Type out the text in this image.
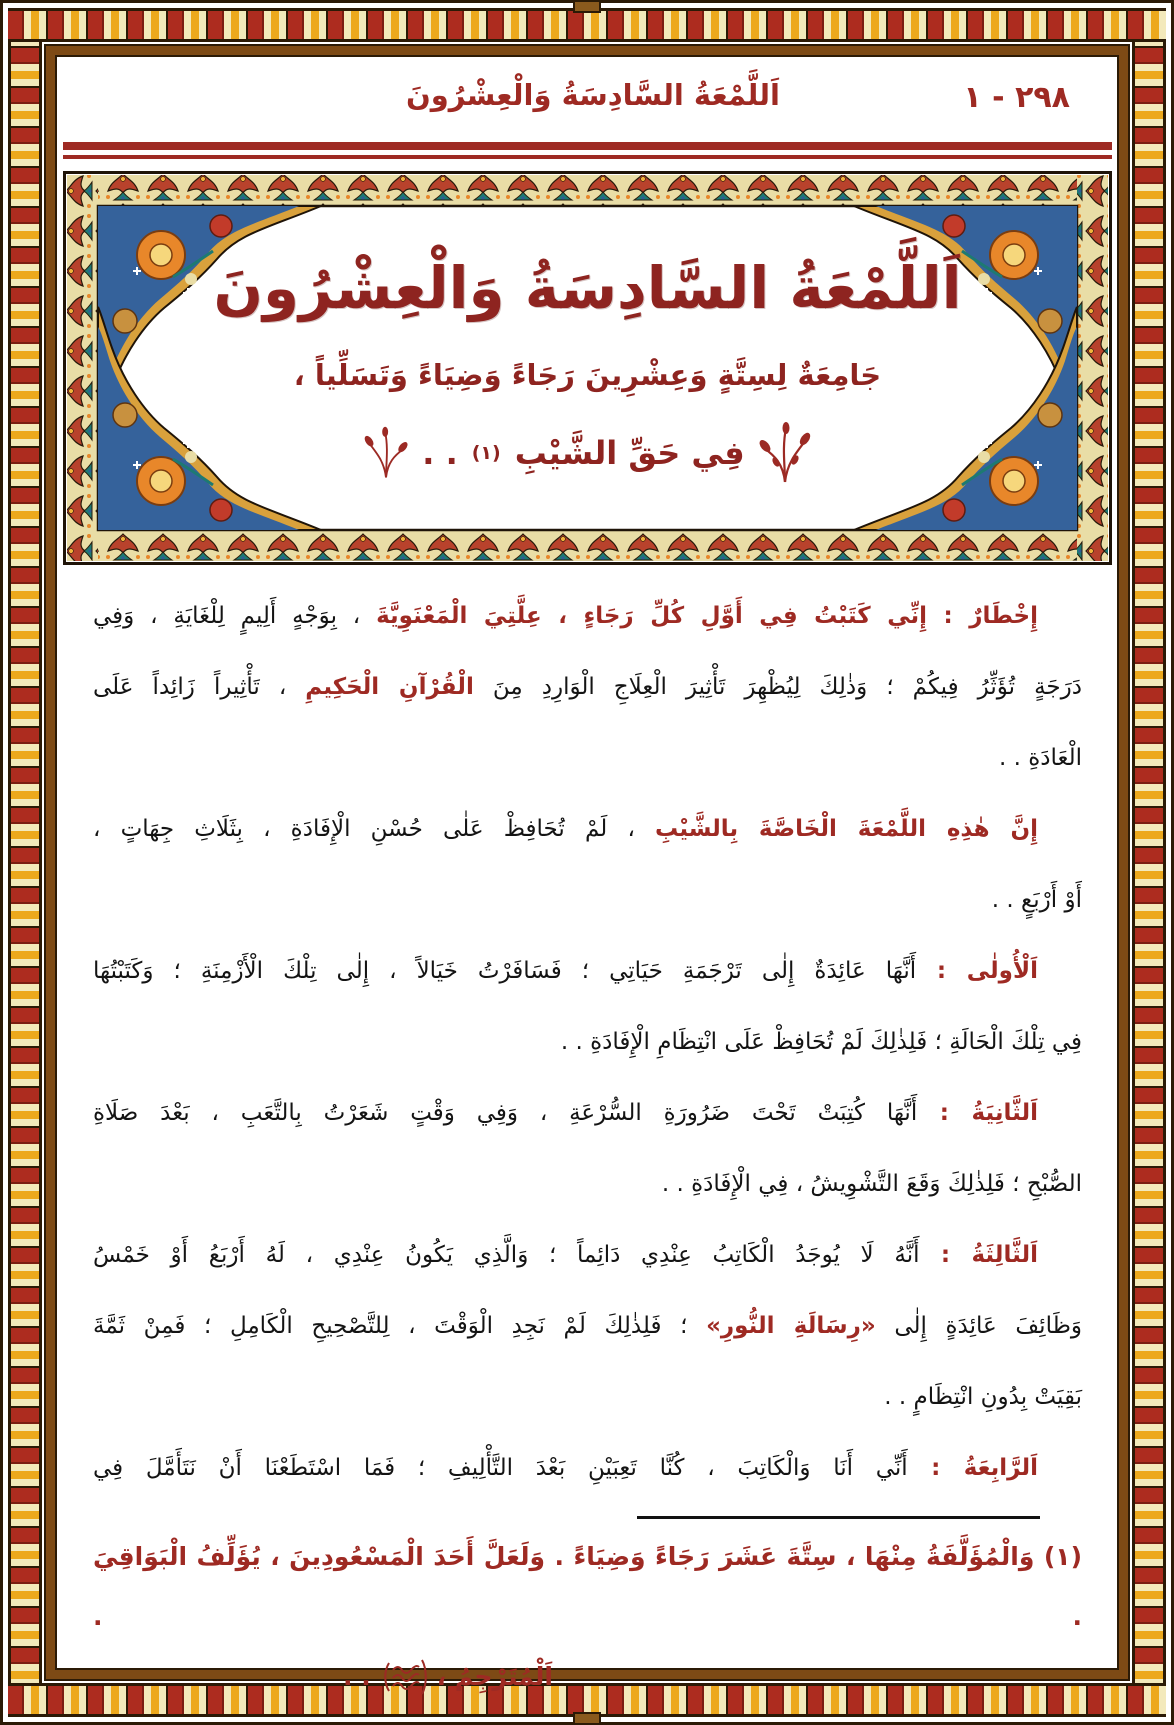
اَللَّمْعَةُ السَّادِسَةُ وَالْعِشْرُونَ	٢٩٨ - ١
اَللَّمْعَةُ السَّادِسَةُ وَالْعِشْرُونَ
جَامِعَةٌ لِسِتَّةٍ وَعِشْرِينَ رَجَاءً وَضِيَاءً وَتَسَلِّياً ،
فِي حَقِّ الشَّيْبِ
(١)
. .
إِخْطَارٌ : إِنِّي كَتَبْتُ فِي أَوَّلِ كُلِّ رَجَاءٍ ، عِلَّتِيَ الْمَعْنَوِيَّةَ ، بِوَجْهٍ أَلِيمٍ لِلْغَايَةِ ، وَفِي
دَرَجَةٍ تُؤَثِّرُ فِيكُمْ ؛ وَذٰلِكَ لِيُظْهِرَ تَأْثِيرَ الْعِلَاجِ الْوَارِدِ مِنَ الْقُرْآنِ الْحَكِيمِ ، تَأْثِيراً زَائِداً عَلَى
الْعَادَةِ . .
إِنَّ هٰذِهِ اللَّمْعَةَ الْخَاصَّةَ بِالشَّيْبِ ، لَمْ تُحَافِظْ عَلٰى حُسْنِ الْإِفَادَةِ ، بِثَلَاثِ جِهَاتٍ ،
أَوْ أَرْبَعٍ . .
اَلْأُولٰى : أَنَّهَا عَائِدَةٌ إِلٰى تَرْجَمَةِ حَيَاتِي ؛ فَسَافَرْتُ خَيَالاً ، إِلٰى تِلْكَ الْأَزْمِنَةِ ؛ وَكَتَبْتُهَا
فِي تِلْكَ الْحَالَةِ ؛ فَلِذٰلِكَ لَمْ تُحَافِظْ عَلَى انْتِظَامِ الْإِفَادَةِ . .
اَلثَّانِيَةُ : أَنَّهَا كُتِبَتْ تَحْتَ ضَرُورَةِ السُّرْعَةِ ، وَفِي وَقْتٍ شَعَرْتُ بِالتَّعَبِ ، بَعْدَ صَلَاةِ
الصُّبْحِ ؛ فَلِذٰلِكَ وَقَعَ التَّشْوِيشُ ، فِي الْإِفَادَةِ . .
اَلثَّالِثَةُ : أَنَّهُ لَا يُوجَدُ الْكَاتِبُ عِنْدِي دَائِماً ؛ وَالَّذِي يَكُونُ عِنْدِي ، لَهُ أَرْبَعُ أَوْ خَمْسُ
وَظَائِفَ عَائِدَةٍ إِلٰى «رِسَالَةِ النُّورِ» ؛ فَلِذٰلِكَ لَمْ نَجِدِ الْوَقْتَ ، لِلتَّصْحِيحِ الْكَامِلِ ؛ فَمِنْ ثَمَّةَ
بَقِيَتْ بِدُونِ انْتِظَامٍ . .
اَلرَّابِعَةُ : أَنِّي أَنَا وَالْكَاتِبَ ، كُنَّا تَعِبَيْنِ بَعْدَ التَّأْلِيفِ ؛ فَمَا اسْتَطَعْنَا أَنْ نَتَأَمَّلَ فِي
(١) وَالْمُؤَلَّفَةُ مِنْهَا ، سِتَّةَ عَشَرَ رَجَاءً وَضِيَاءً . وَلَعَلَّ أَحَدَ الْمَسْعُودِينَ ، يُؤَلِّفُ الْبَوَاقِيَ . .
اَلْمُتَرْجِمُ ،
. .
